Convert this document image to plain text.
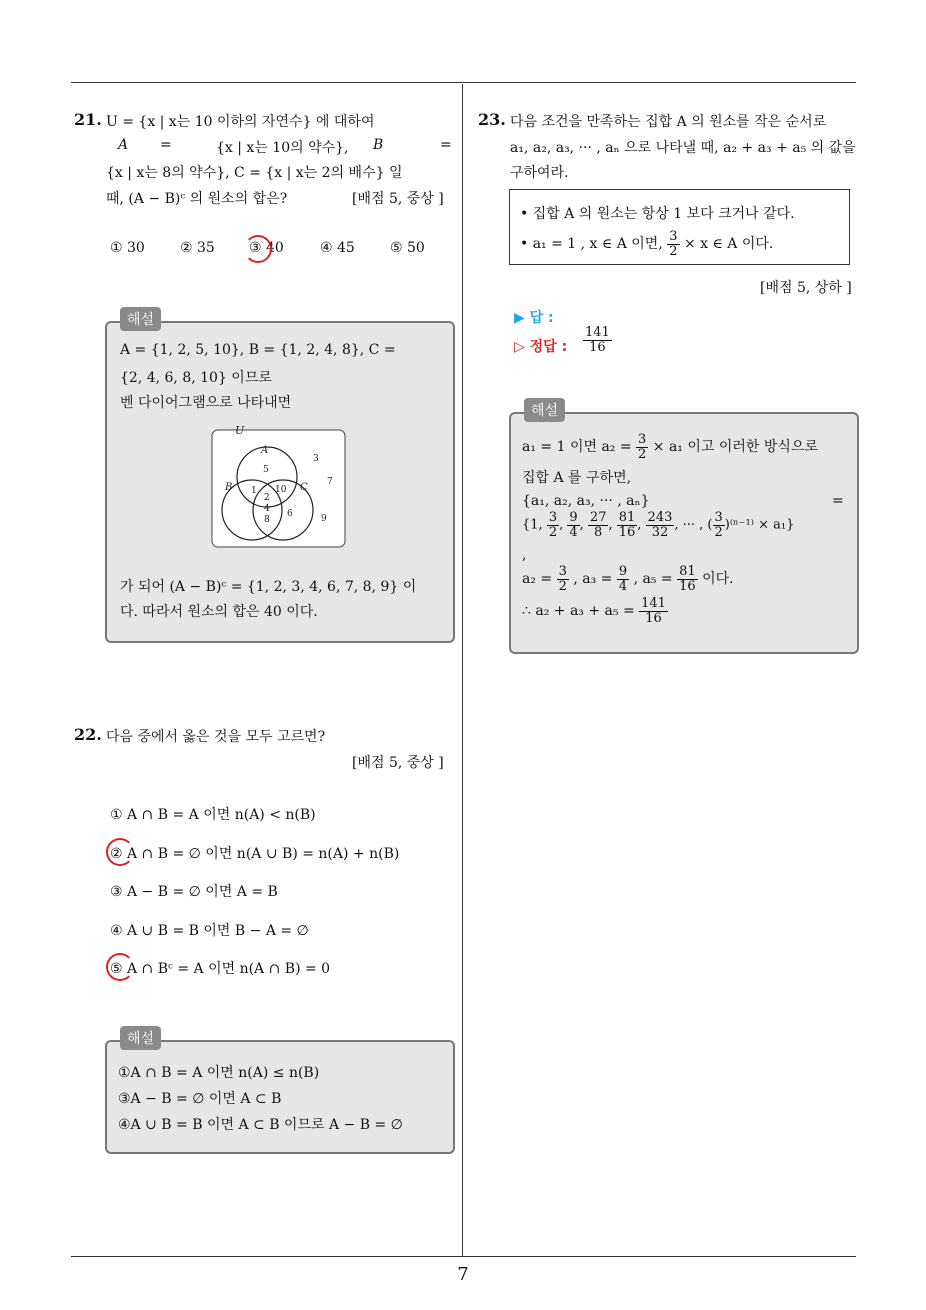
7
21. U = {x | x는 10 이하의 자연수} 에 대하여
A =	{x | x는 10의 약수}, B	=
{x | x는 8의 약수}, C = {x | x는 2의 배수} 일
때, (A − B)ᶜ 의 원소의 합은?	[배점 5, 중상 ]
① 30	② 35 ③ 40	④ 45	⑤ 50
해설
A = {1, 2, 5, 10}, B = {1, 2, 4, 8}, C =
{2, 4, 6, 8, 10} 이므로
벤 다이어그램으로 나타내면
U
A
B	C
5
1 10
2
4
8
6
3
7
9
가 되어 (A − B)ᶜ = {1, 2, 3, 4, 6, 7, 8, 9} 이
다. 따라서 원소의 합은 40 이다.
22. 다음 중에서 옳은 것을 모두 고르면?
[배점 5, 중상 ]
① A ∩ B = A 이면 n(A) < n(B)
② A ∩ B = ∅ 이면 n(A ∪ B) = n(A) + n(B)
③ A − B = ∅ 이면 A = B
④ A ∪ B = B 이면 B − A = ∅
⑤ A ∩ Bᶜ = A 이면 n(A ∩ B) = 0
해설
①A ∩ B = A 이면 n(A) ≤ n(B)
③A − B = ∅ 이면 A ⊂ B
④A ∪ B = B 이면 A ⊂ B 이므로 A − B = ∅
23. 다음 조건을 만족하는 집합 A 의 원소를 작은 순서로
a₁, a₂, a₃, ··· , aₙ 으로 나타낼 때, a₂ + a₃ + a₅ 의 값을
구하여라.
• 집합 A 의 원소는 항상 1 보다 크거나 같다.
• a₁ = 1 , x ∈ A 이면, $\frac{3}{2} \times x$ ∈ A 이다.
[배점 5, 상하 ]
▶ 답 :
▷ 정답 : $\frac{141}{16}$
해설
a₁ = 1 이면 $a_2 = \frac{3}{2} \times a_1$ 이고 이러한 방식으로
집합 A 를 구하면,
{a₁, a₂, a₃, ··· , aₙ}	=
{1, $\frac{3}{2}$ , $\frac{9}{4}$ , $\frac{27}{8}$ , $\frac{81}{16}$ , $\frac{243}{32}$ , ··· , ( $\frac{3}{2} )^{(n-1)} \times a_1$}
,
$a_2 = \frac{3}{2}$ , $a_3 = \frac{9}{4}$ , $a_5 = \frac{81}{16}$ 이다.
∴ $a_2 + a_3 + a_5 = \frac{141}{16}$
